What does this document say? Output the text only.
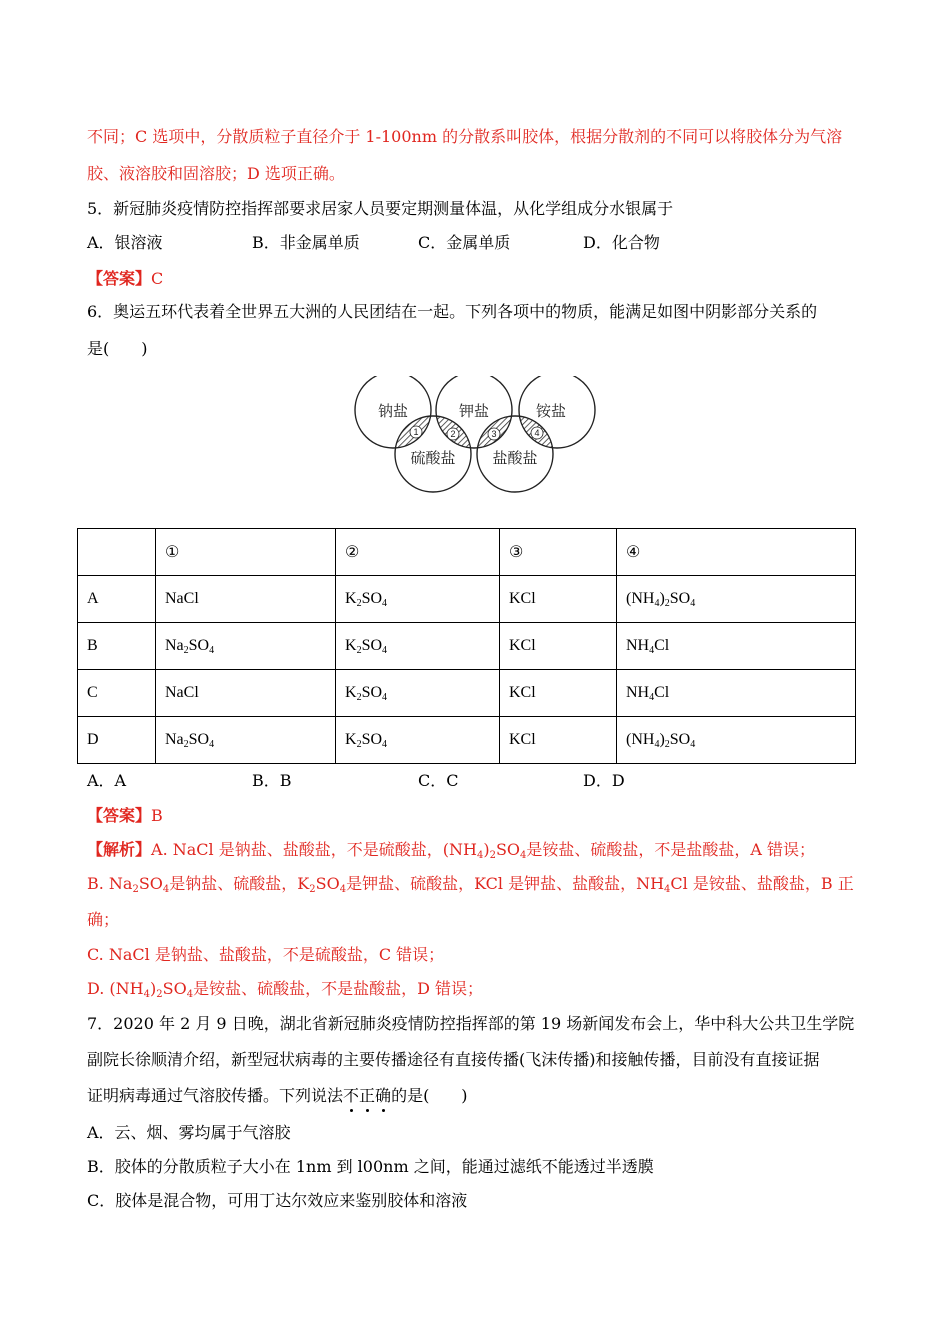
不同；C 选项中，分散质粒子直径介于 1-100nm 的分散系叫胶体，根据分散剂的不同可以将胶体分为气溶
胶、液溶胶和固溶胶；D 选项正确。
5．新冠肺炎疫情防控指挥部要求居家人员要定期测量体温，从化学组成分水银属于
A．银溶液	B．非金属单质	C．金属单质	D．化合物
【答案】C
6．奥运五环代表着全世界五大洲的人民团结在一起。下列各项中的物质，能满足如图中阴影部分关系的
是(　　)
1	2	3	4
钠盐	钾盐	铵盐
硫酸盐 盐酸盐
	①	②	③	④
A	NaCl	$K_2SO_4$	KCl	$(NH_4)_2SO_4$
B	$Na_2SO_4$	$K_2SO_4$	KCl	$NH_4Cl$
C	NaCl	$K_2SO_4$	KCl	$NH_4Cl$
D	$Na_2SO_4$	$K_2SO_4$	KCl	$(NH_4)_2SO_4$
A．A	B．B	C．C	D．D
【答案】B
【解析】A. NaCl 是钠盐、盐酸盐，不是硫酸盐，$(NH_4)_2SO_4$是铵盐、硫酸盐，不是盐酸盐，A 错误；
B. $Na_2SO_4$是钠盐、硫酸盐，$K_2SO_4$是钾盐、硫酸盐，KCl 是钾盐、盐酸盐，$NH_4Cl$ 是铵盐、盐酸盐，B 正
确；
C. NaCl 是钠盐、盐酸盐，不是硫酸盐，C 错误；
D. $(NH_4)_2SO_4$是铵盐、硫酸盐，不是盐酸盐，D 错误；
7．2020 年 2 月 9 日晚，湖北省新冠肺炎疫情防控指挥部的第 19 场新闻发布会上，华中科大公共卫生学院
副院长徐顺清介绍，新型冠状病毒的主要传播途径有直接传播(飞沫传播)和接触传播，目前没有直接证据
证明病毒通过气溶胶传播。下列说法不正确的是(　　)
A．云、烟、雾均属于气溶胶
B．胶体的分散质粒子大小在 1nm 到 l00nm 之间，能通过滤纸不能透过半透膜
C．胶体是混合物，可用丁达尔效应来鉴别胶体和溶液
